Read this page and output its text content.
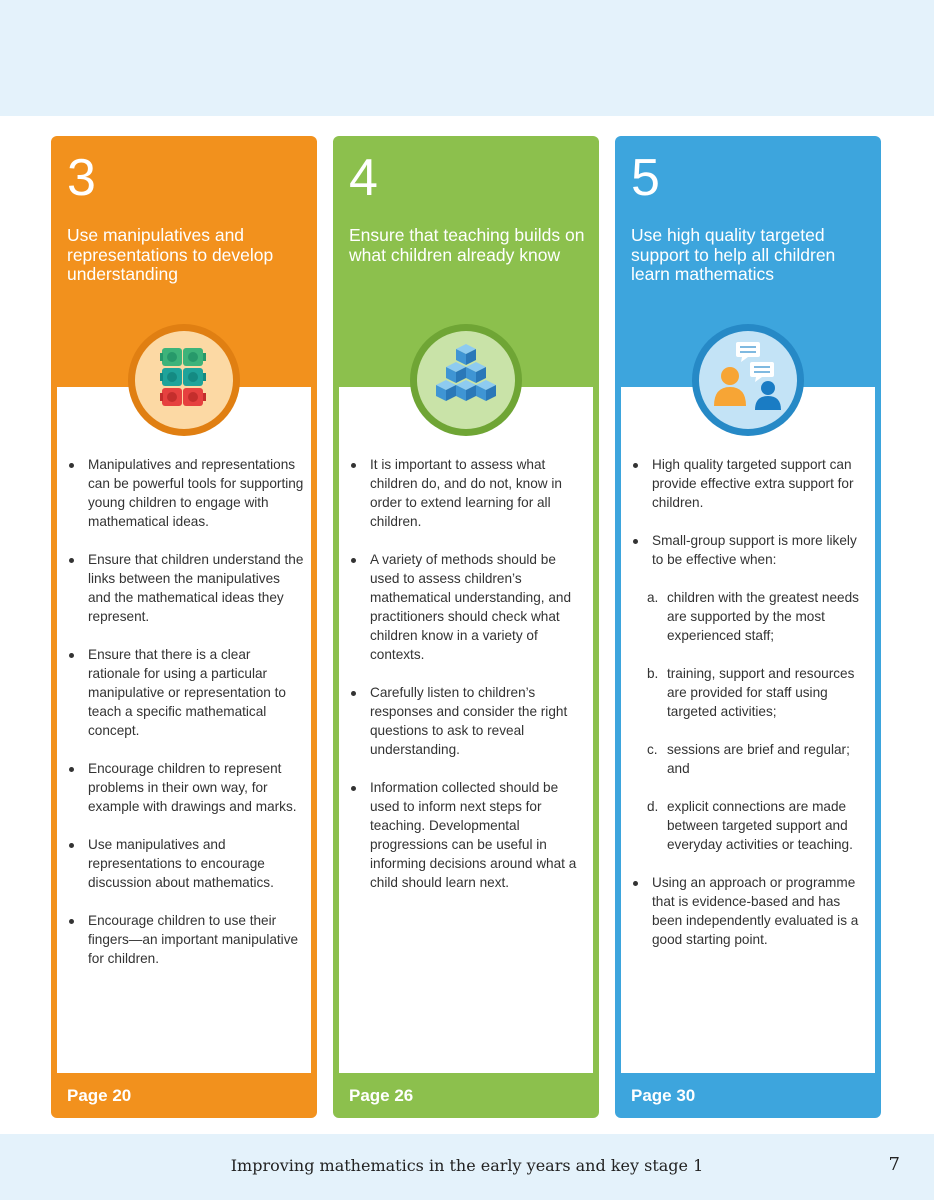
3
Use manipulatives and representations to develop understanding
Manipulatives and representations can be powerful tools for supporting young children to engage with mathematical ideas.
Ensure that children understand the links between the manipulatives and the mathematical ideas they represent.
Ensure that there is a clear rationale for using a particular manipulative or representation to teach a specific mathematical concept.
Encourage children to represent problems in their own way, for example with drawings and marks.
Use manipulatives and representations to encourage discussion about mathematics.
Encourage children to use their fingers—an important manipulative for children.
Page 20
4
Ensure that teaching builds on what children already know
It is important to assess what children do, and do not, know in order to extend learning for all children.
A variety of methods should be used to assess children’s mathematical understanding, and practitioners should check what children know in a variety of contexts.
Carefully listen to children’s responses and consider the right questions to ask to reveal understanding.
Information collected should be used to inform next steps for teaching. Developmental progressions can be useful in informing decisions around what a child should learn next.
Page 26
5
Use high quality targeted support to help all children learn mathematics
High quality targeted support can provide effective extra support for children.
Small-group support is more likely to be effective when:
a. children with the greatest needs are supported by the most experienced staff;
b. training, support and resources are provided for staff using targeted activities;
c. sessions are brief and regular; and
d. explicit connections are made between targeted support and everyday activities or teaching.
Using an approach or programme that is evidence-based and has been independently evaluated is a good starting point.
Page 30
Improving mathematics in the early years and key stage 1	7
